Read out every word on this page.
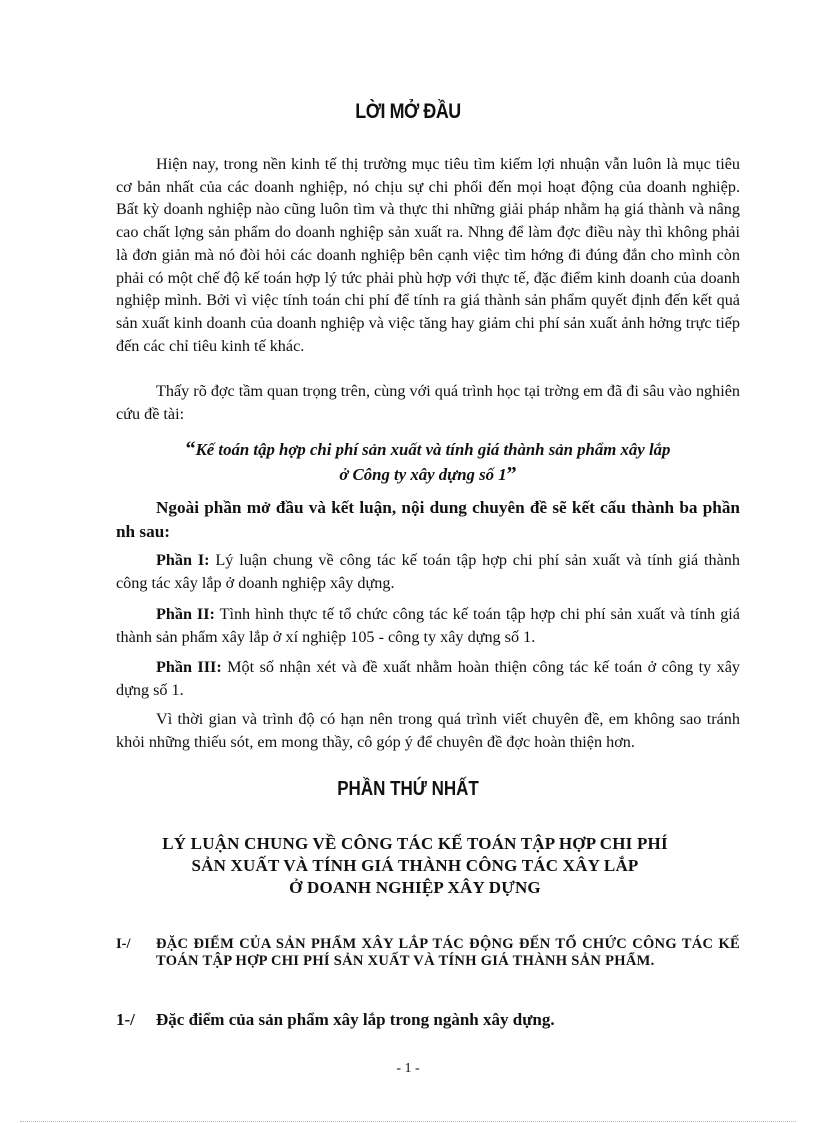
LỜI MỞ ĐẦU

Hiện nay, trong nền kinh tế thị trường mục tiêu tìm kiếm lợi nhuận vẫn luôn là mục tiêu cơ bản nhất của các doanh nghiệp, nó chịu sự chi phối đến mọi hoạt động của doanh nghiệp. Bất kỳ doanh nghiệp nào cũng luôn tìm và thực thi những giải pháp nhằm hạ giá thành và nâng cao chất lợng sản phẩm do doanh nghiệp sản xuất ra. Nhng để làm đợc điều này thì không phải là đơn giản mà nó đòi hỏi các doanh nghiệp bên cạnh việc tìm hớng đi đúng đắn cho mình còn phải có một chế độ kế toán hợp lý tức phải phù hợp với thực tế, đặc điểm kinh doanh của doanh nghiệp mình. Bởi vì việc tính toán chi phí để tính ra giá thành sản phẩm quyết định đến kết quả sản xuất kinh doanh của doanh nghiệp và việc tăng hay giảm chi phí sản xuất ảnh hởng trực tiếp đến các chỉ tiêu kinh tế khác.

Thấy rõ đợc tầm quan trọng trên, cùng với quá trình học tại trờng em đã đi sâu vào nghiên cứu đề tài:

“Kế toán tập hợp chi phí sản xuất và tính giá thành sản phẩm xây lắp
ở Công ty xây dựng số 1”

Ngoài phần mở đầu và kết luận, nội dung chuyên đề sẽ kết cấu thành ba phần nh sau:

Phần I: Lý luận chung về công tác kế toán tập hợp chi phí sản xuất và tính giá thành công tác xây lắp ở doanh nghiệp xây dựng.

Phần II: Tình hình thực tế tổ chức công tác kế toán tập hợp chi phí sản xuất và tính giá thành sản phẩm xây lắp ở xí nghiệp 105 - công ty xây dựng số 1.

Phần III: Một số nhận xét và đề xuất nhằm hoàn thiện công tác kế toán ở công ty xây dựng số 1.

Vì thời gian và trình độ có hạn nên trong quá trình viết chuyên đề, em không sao tránh khỏi những thiếu sót, em mong thầy, cô góp ý để chuyên đề đợc hoàn thiện hơn.

PHẦN THỨ NHẤT
LÝ LUẬN CHUNG VỀ CÔNG TÁC KẾ TOÁN TẬP HỢP CHI PHÍ
SẢN XUẤT VÀ TÍNH GIÁ THÀNH CÔNG TÁC XÂY LẮP
Ở DOANH NGHIỆP XÂY DỰNG
I-/ ĐẶC ĐIỂM CỦA SẢN PHẨM XÂY LẮP TÁC ĐỘNG ĐẾN TỔ CHỨC CÔNG TÁC KẾ TOÁN TẬP HỢP CHI PHÍ SẢN XUẤT VÀ TÍNH GIÁ THÀNH SẢN PHẨM.
1-/ Đặc điểm của sản phẩm xây lắp trong ngành xây dựng.
- 1 -
